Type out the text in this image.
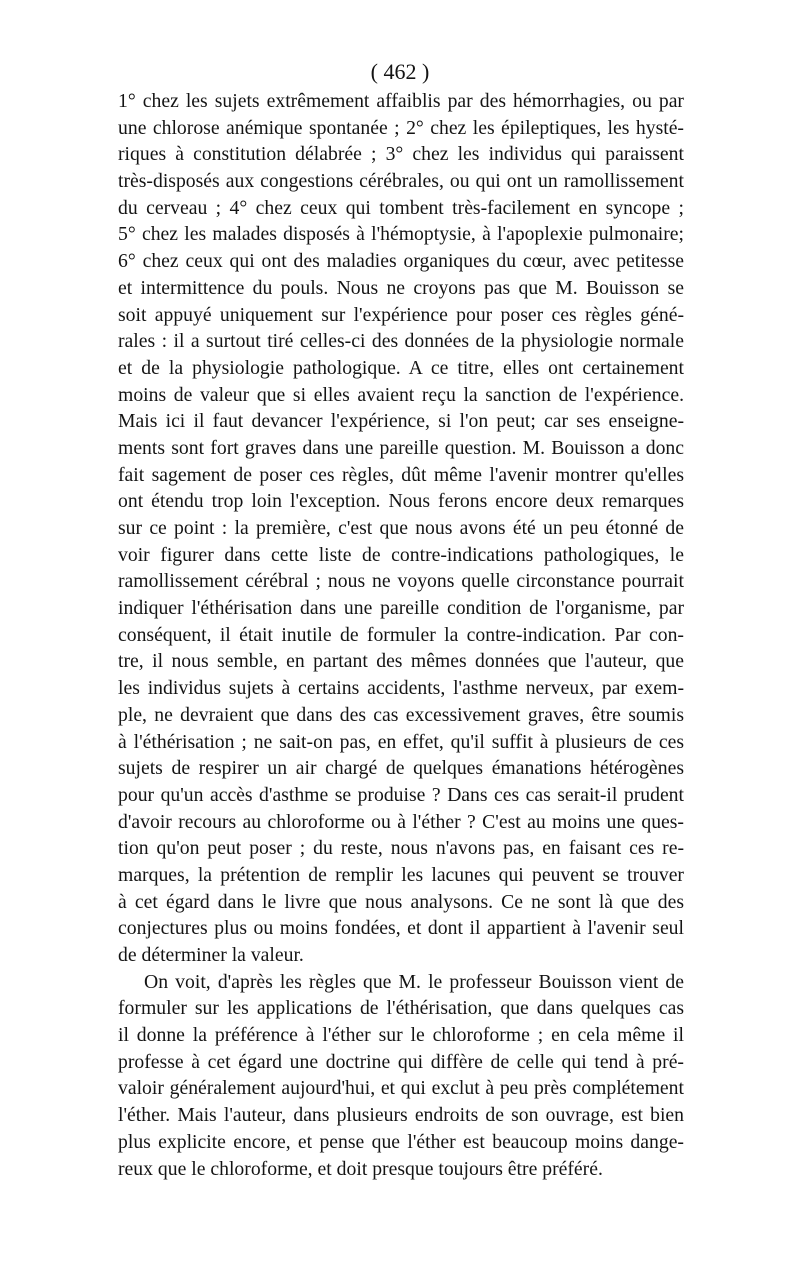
( 462 )
1° chez les sujets extrêmement affaiblis par des hémorrhagies, ou par
une chlorose anémique spontanée ; 2° chez les épileptiques, les hysté-
riques à constitution délabrée ; 3° chez les individus qui paraissent
très-disposés aux congestions cérébrales, ou qui ont un ramollissement
du cerveau ; 4° chez ceux qui tombent très-facilement en syncope ;
5° chez les malades disposés à l'hémoptysie, à l'apoplexie pulmonaire;
6° chez ceux qui ont des maladies organiques du cœur, avec petitesse
et intermittence du pouls. Nous ne croyons pas que M. Bouisson se
soit appuyé uniquement sur l'expérience pour poser ces règles géné-
rales : il a surtout tiré celles-ci des données de la physiologie normale
et de la physiologie pathologique. A ce titre, elles ont certainement
moins de valeur que si elles avaient reçu la sanction de l'expérience.
Mais ici il faut devancer l'expérience, si l'on peut; car ses enseigne-
ments sont fort graves dans une pareille question. M. Bouisson a donc
fait sagement de poser ces règles, dût même l'avenir montrer qu'elles
ont étendu trop loin l'exception. Nous ferons encore deux remarques
sur ce point : la première, c'est que nous avons été un peu étonné de
voir figurer dans cette liste de contre-indications pathologiques, le
ramollissement cérébral ; nous ne voyons quelle circonstance pourrait
indiquer l'éthérisation dans une pareille condition de l'organisme, par
conséquent, il était inutile de formuler la contre-indication. Par con-
tre, il nous semble, en partant des mêmes données que l'auteur, que
les individus sujets à certains accidents, l'asthme nerveux, par exem-
ple, ne devraient que dans des cas excessivement graves, être soumis
à l'éthérisation ; ne sait-on pas, en effet, qu'il suffit à plusieurs de ces
sujets de respirer un air chargé de quelques émanations hétérogènes
pour qu'un accès d'asthme se produise ? Dans ces cas serait-il prudent
d'avoir recours au chloroforme ou à l'éther ? C'est au moins une ques-
tion qu'on peut poser ; du reste, nous n'avons pas, en faisant ces re-
marques, la prétention de remplir les lacunes qui peuvent se trouver
à cet égard dans le livre que nous analysons. Ce ne sont là que des
conjectures plus ou moins fondées, et dont il appartient à l'avenir seul
de déterminer la valeur.
On voit, d'après les règles que M. le professeur Bouisson vient de
formuler sur les applications de l'éthérisation, que dans quelques cas
il donne la préférence à l'éther sur le chloroforme ; en cela même il
professe à cet égard une doctrine qui diffère de celle qui tend à pré-
valoir généralement aujourd'hui, et qui exclut à peu près complétement
l'éther. Mais l'auteur, dans plusieurs endroits de son ouvrage, est bien
plus explicite encore, et pense que l'éther est beaucoup moins dange-
reux que le chloroforme, et doit presque toujours être préféré.
